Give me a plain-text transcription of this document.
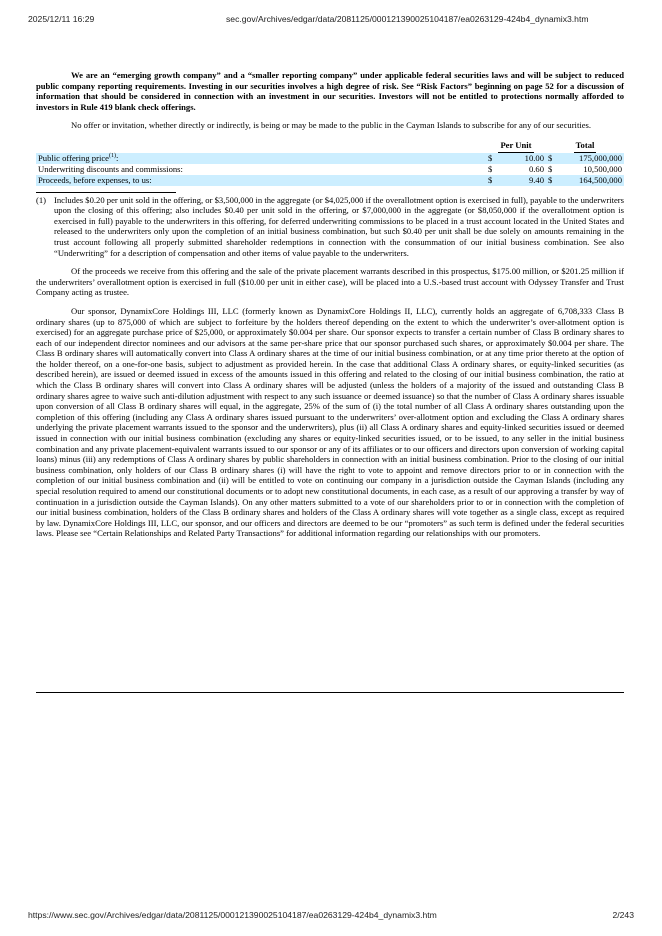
2025/12/11 16:29	sec.gov/Archives/edgar/data/2081125/000121390025104187/ea0263129-424b4_dynamix3.htm

We are an “emerging growth company” and a “smaller reporting company” under applicable federal securities laws and will be subject to reduced public company reporting requirements. Investing in our securities involves a high degree of risk. See “Risk Factors” beginning on page 52 for a discussion of information that should be considered in connection with an investment in our securities. Investors will not be entitled to protections normally afforded to investors in Rule 419 blank check offerings.

No offer or invitation, whether directly or indirectly, is being or may be made to the public in the Cayman Islands to subscribe for any of our securities.

	Per Unit		Total	
Public offering price$^{(1)}$:	$	10.00	$	175,000,000
Underwriting discounts and commissions:	$	0.60	$	10,500,000
Proceeds, before expenses, to us:	$	9.40	$	164,500,000
(1) Includes $0.20 per unit sold in the offering, or $3,500,000 in the aggregate (or $4,025,000 if the overallotment option is exercised in full), payable to the underwriters upon the closing of this offering; also includes $0.40 per unit sold in the offering, or $7,000,000 in the aggregate (or $8,050,000 if the overallotment option is exercised in full) payable to the underwriters in this offering, for deferred underwriting commissions to be placed in a trust account located in the United States and released to the underwriters only upon the completion of an initial business combination, but such $0.40 per unit shall be due solely on amounts remaining in the trust account following all properly submitted shareholder redemptions in connection with the consummation of our initial business combination. See also “Underwriting” for a description of compensation and other items of value payable to the underwriters.

Of the proceeds we receive from this offering and the sale of the private placement warrants described in this prospectus, $175.00 million, or $201.25 million if the underwriters’ overallotment option is exercised in full ($10.00 per unit in either case), will be placed into a U.S.-based trust account with Odyssey Transfer and Trust Company acting as trustee.

Our sponsor, DynamixCore Holdings III, LLC (formerly known as DynamixCore Holdings II, LLC), currently holds an aggregate of 6,708,333 Class B ordinary shares (up to 875,000 of which are subject to forfeiture by the holders thereof depending on the extent to which the underwriter’s over-allotment option is exercised) for an aggregate purchase price of $25,000, or approximately $0.004 per share. Our sponsor expects to transfer a certain number of Class B ordinary shares to each of our independent director nominees and our advisors at the same per-share price that our sponsor purchased such shares, or approximately $0.004 per share. The Class B ordinary shares will automatically convert into Class A ordinary shares at the time of our initial business combination, or at any time prior thereto at the option of the holder thereof, on a one-for-one basis, subject to adjustment as provided herein. In the case that additional Class A ordinary shares, or equity-linked securities (as described herein), are issued or deemed issued in excess of the amounts issued in this offering and related to the closing of our initial business combination, the ratio at which the Class B ordinary shares will convert into Class A ordinary shares will be adjusted (unless the holders of a majority of the issued and outstanding Class B ordinary shares agree to waive such anti-dilution adjustment with respect to any such issuance or deemed issuance) so that the number of Class A ordinary shares issuable upon conversion of all Class B ordinary shares will equal, in the aggregate, 25% of the sum of (i) the total number of all Class A ordinary shares outstanding upon the completion of this offering (including any Class A ordinary shares issued pursuant to the underwriters’ over-allotment option and excluding the Class A ordinary shares underlying the private placement warrants issued to the sponsor and the underwriters), plus (ii) all Class A ordinary shares and equity-linked securities issued or deemed issued in connection with our initial business combination (excluding any shares or equity-linked securities issued, or to be issued, to any seller in the initial business combination and any private placement-equivalent warrants issued to our sponsor or any of its affiliates or to our officers and directors upon conversion of working capital loans) minus (iii) any redemptions of Class A ordinary shares by public shareholders in connection with an initial business combination. Prior to the closing of our initial business combination, only holders of our Class B ordinary shares (i) will have the right to vote to appoint and remove directors prior to or in connection with the completion of our initial business combination and (ii) will be entitled to vote on continuing our company in a jurisdiction outside the Cayman Islands (including any special resolution required to amend our constitutional documents or to adopt new constitutional documents, in each case, as a result of our approving a transfer by way of continuation in a jurisdiction outside the Cayman Islands). On any other matters submitted to a vote of our shareholders prior to or in connection with the completion of our initial business combination, holders of the Class B ordinary shares and holders of the Class A ordinary shares will vote together as a single class, except as required by law. DynamixCore Holdings III, LLC, our sponsor, and our officers and directors are deemed to be our “promoters” as such term is defined under the federal securities laws. Please see “Certain Relationships and Related Party Transactions” for additional information regarding our relationships with our promoters.

https://www.sec.gov/Archives/edgar/data/2081125/000121390025104187/ea0263129-424b4_dynamix3.htm	2/243
